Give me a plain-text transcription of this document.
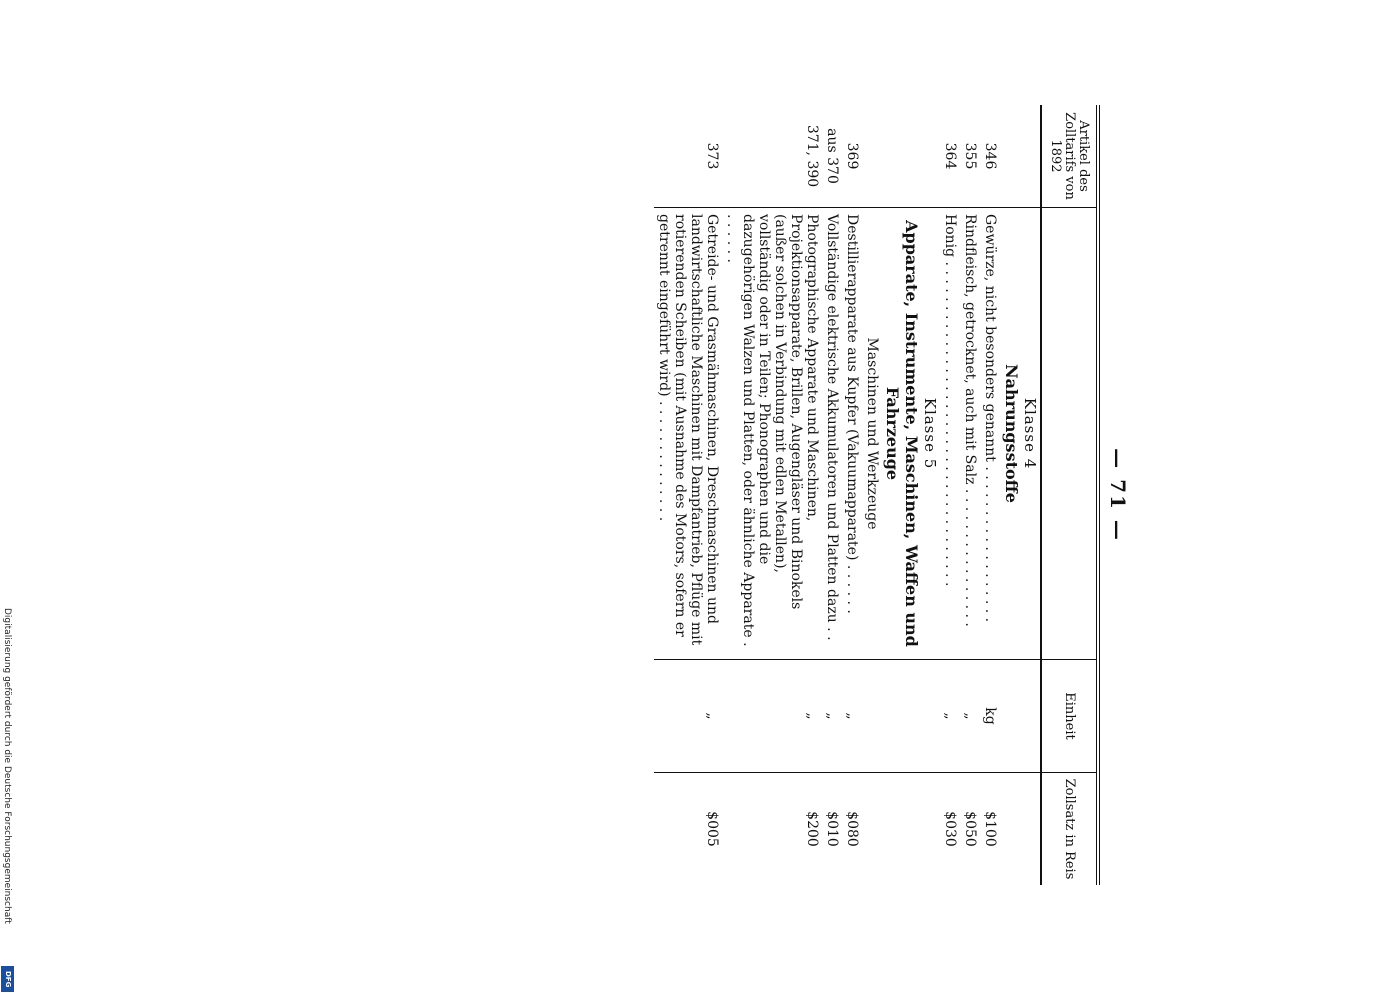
Digitalisierung gefördert durch die Deutsche Forschungsgemeinschaft
DFG
— 71 —
Artikel des Zolltarifs von 1892		Einheit	Zollsatz in Reis
	Klasse 4
Nahrungsstoffe		

346	Gewürze, nicht besonders genannt . . . . . . . . . . . . . . . . . .	kg	$100
355	Rindfleisch, getrocknet, auch mit Salz . . . . . . . . . . . . . . . .	„	$050
364	Honig . . . . . . . . . . . . . . . . . . . . . . . . . . . . . . . . . . . . .	„	$030
	Klasse 5
Apparate, Instrumente, Maschinen, Waffen und Fahrzeuge
Maschinen und Werkzeuge		

369	Destillierapparate aus Kupfer (Vakuumapparate) . . . . . .	„	$080
aus 370	Vollständige elektrische Akkumulatoren und Platten dazu . .	„	$010
371, 390	Photographische Apparate und Maschinen, Projektionsapparate, Brillen, Augengläser und Binokels (außer solchen in Verbindung mit edlen Metallen), vollständig oder in Teilen; Phonographen und die dazugehörigen Walzen und Platten, oder ähnliche Apparate . . . . . . .	„	$200
373	Getreide- und Grasmähmaschinen, Dreschmaschinen und landwirtschaftliche Maschinen mit Dampfantrieb, Pflüge mit rotierenden Scheiben (mit Ausnahme des Motors, sofern er getrennt eingeführt wird) . . . . . . . . . . . . . .	„	$005
